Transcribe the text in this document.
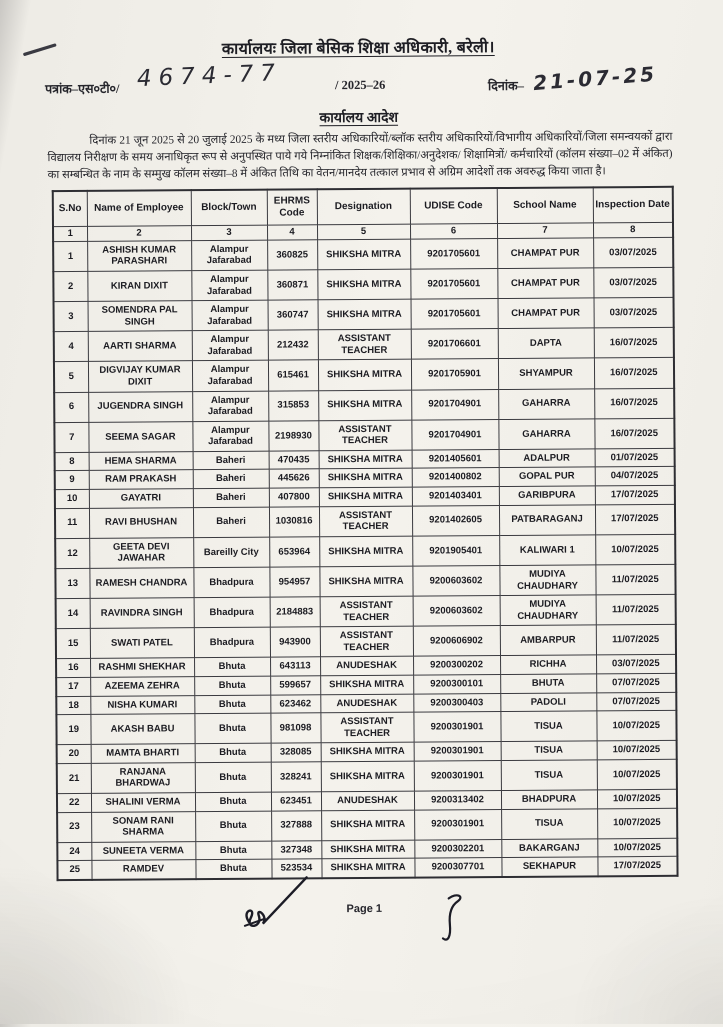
कार्यालयः जिला बेसिक शिक्षा अधिकारी, बरेली।
पत्रांक–एस०टी०/ 4674-77	/ 2025–26	दिनांक– 21-07-25
कार्यालय आदेश

दिनांक 21 जून 2025 से 20 जुलाई 2025 के मध्य जिला स्तरीय अधिकारियों/ब्लॉक स्तरीय अधिकारियों/विभागीय अधिकारियों/जिला समन्वयकों द्वारा विद्यालय निरीक्षण के समय अनाधिकृत रूप से अनुपस्थित पाये गये निम्नांकित शिक्षक/शिक्षिका/अनुदेशक/ शिक्षामित्रों/ कर्मचारियों (कॉलम संख्या–02 में अंकित) का सम्बन्धित के नाम के सम्मुख कॉलम संख्या–8 में अंकित तिथि का वेतन/मानदेय तत्काल प्रभाव से अग्रिम आदेशों तक अवरुद्ध किया जाता है।

S.No	Name of Employee	Block/Town	EHRMS Code	Designation	UDISE Code	School Name	Inspection Date
1	2	3	4	5	6	7	8
1	ASHISH KUMAR PARASHARI	Alampur Jafarabad	360825	SHIKSHA MITRA	9201705601	CHAMPAT PUR	03/07/2025
2	KIRAN DIXIT	Alampur Jafarabad	360871	SHIKSHA MITRA	9201705601	CHAMPAT PUR	03/07/2025
3	SOMENDRA PAL SINGH	Alampur Jafarabad	360747	SHIKSHA MITRA	9201705601	CHAMPAT PUR	03/07/2025
4	AARTI SHARMA	Alampur Jafarabad	212432	ASSISTANT TEACHER	9201706601	DAPTA	16/07/2025
5	DIGVIJAY KUMAR DIXIT	Alampur Jafarabad	615461	SHIKSHA MITRA	9201705901	SHYAMPUR	16/07/2025
6	JUGENDRA SINGH	Alampur Jafarabad	315853	SHIKSHA MITRA	9201704901	GAHARRA	16/07/2025
7	SEEMA SAGAR	Alampur Jafarabad	2198930	ASSISTANT TEACHER	9201704901	GAHARRA	16/07/2025
8	HEMA SHARMA	Baheri	470435	SHIKSHA MITRA	9201405601	ADALPUR	01/07/2025
9	RAM PRAKASH	Baheri	445626	SHIKSHA MITRA	9201400802	GOPAL PUR	04/07/2025
10	GAYATRI	Baheri	407800	SHIKSHA MITRA	9201403401	GARIBPURA	17/07/2025
11	RAVI BHUSHAN	Baheri	1030816	ASSISTANT TEACHER	9201402605	PATBARAGANJ	17/07/2025
12	GEETA DEVI JAWAHAR	Bareilly City	653964	SHIKSHA MITRA	9201905401	KALIWARI 1	10/07/2025
13	RAMESH CHANDRA	Bhadpura	954957	SHIKSHA MITRA	9200603602	MUDIYA CHAUDHARY	11/07/2025
14	RAVINDRA SINGH	Bhadpura	2184883	ASSISTANT TEACHER	9200603602	MUDIYA CHAUDHARY	11/07/2025
15	SWATI PATEL	Bhadpura	943900	ASSISTANT TEACHER	9200606902	AMBARPUR	11/07/2025
16	RASHMI SHEKHAR	Bhuta	643113	ANUDESHAK	9200300202	RICHHA	03/07/2025
17	AZEEMA ZEHRA	Bhuta	599657	SHIKSHA MITRA	9200300101	BHUTA	07/07/2025
18	NISHA KUMARI	Bhuta	623462	ANUDESHAK	9200300403	PADOLI	07/07/2025
19	AKASH BABU	Bhuta	981098	ASSISTANT TEACHER	9200301901	TISUA	10/07/2025
20	MAMTA BHARTI	Bhuta	328085	SHIKSHA MITRA	9200301901	TISUA	10/07/2025
21	RANJANA BHARDWAJ	Bhuta	328241	SHIKSHA MITRA	9200301901	TISUA	10/07/2025
22	SHALINI VERMA	Bhuta	623451	ANUDESHAK	9200313402	BHADPURA	10/07/2025
23	SONAM RANI SHARMA	Bhuta	327888	SHIKSHA MITRA	9200301901	TISUA	10/07/2025
24	SUNEETA VERMA	Bhuta	327348	SHIKSHA MITRA	9200302201	BAKARGANJ	10/07/2025
25	RAMDEV	Bhuta	523534	SHIKSHA MITRA	9200307701	SEKHAPUR	17/07/2025
Page 1
